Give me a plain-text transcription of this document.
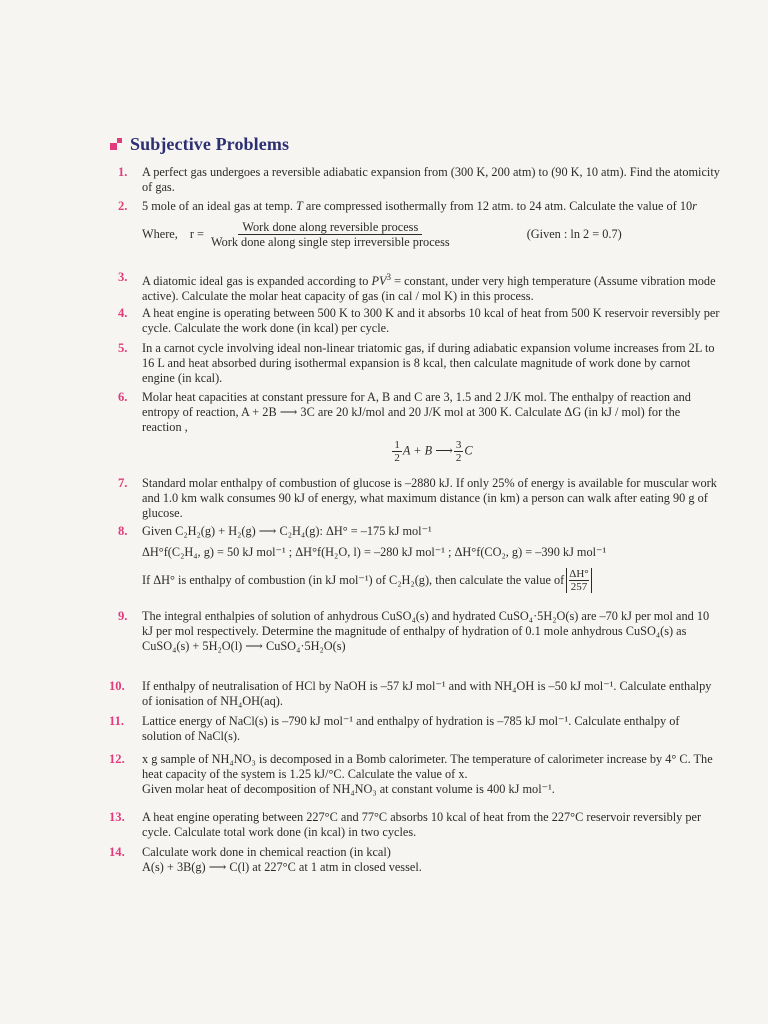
Subjective Problems
1. A perfect gas undergoes a reversible adiabatic expansion from (300 K, 200 atm) to (90 K, 10 atm). Find the atomicity of gas.
2. 5 mole of an ideal gas at temp. T are compressed isothermally from 12 atm. to 24 atm. Calculate the value of 10r
Where, $r = \frac{\text{Work done along reversible process}}{\text{Work done along single step irreversible process}}$	(Given : ln 2 = 0.7)
3. A diatomic ideal gas is expanded according to $PV^3$ = constant, under very high temperature (Assume vibration mode active). Calculate the molar heat capacity of gas (in cal / mol K) in this process.
4. A heat engine is operating between 500 K to 300 K and it absorbs 10 kcal of heat from 500 K reservoir reversibly per cycle. Calculate the work done (in kcal) per cycle.
5. In a carnot cycle involving ideal non-linear triatomic gas, if during adiabatic expansion volume increases from 2L to 16 L and heat absorbed during isothermal expansion is 8 kcal, then calculate magnitude of work done by carnot engine (in kcal).
6. Molar heat capacities at constant pressure for A, B and C are 3, 1.5 and 2 J/K mol. The enthalpy of reaction and entropy of reaction, A + 2B ⟶ 3C are 20 kJ/mol and 20 J/K mol at 300 K. Calculate ΔG (in kJ / mol) for the reaction ,
$\frac{1}{2}$ A + B ⟶ $\frac{3}{2}$ C
7. Standard molar enthalpy of combustion of glucose is –2880 kJ. If only 25% of energy is available for muscular work and 1.0 km walk consumes 90 kJ of energy, what maximum distance (in km) a person can walk after eating 90 g of glucose.
8. Given C₂H₂(g) + H₂(g) ⟶ C₂H₄(g): ΔH° = –175 kJ mol⁻¹
ΔH°f(C₂H₄, g) = 50 kJ mol⁻¹ ; ΔH°f(H₂O, l) = –280 kJ mol⁻¹ ; ΔH°f(CO₂, g) = –390 kJ mol⁻¹
If ΔH° is enthalpy of combustion (in kJ mol⁻¹) of C₂H₂(g), then calculate the value of $\frac{\Delta H^\circ}{257}$
9. The integral enthalpies of solution of anhydrous CuSO₄(s) and hydrated CuSO₄·5H₂O(s) are –70 kJ per mol and 10 kJ per mol respectively. Determine the magnitude of enthalpy of hydration of 0.1 mole anhydrous CuSO₄(s) as
CuSO₄(s) + 5H₂O(l) ⟶ CuSO₄·5H₂O(s)
10. If enthalpy of neutralisation of HCl by NaOH is –57 kJ mol⁻¹ and with NH₄OH is –50 kJ mol⁻¹. Calculate enthalpy of ionisation of NH₄OH(aq).
11. Lattice energy of NaCl(s) is –790 kJ mol⁻¹ and enthalpy of hydration is –785 kJ mol⁻¹. Calculate enthalpy of solution of NaCl(s).
12. x g sample of NH₄NO₃ is decomposed in a Bomb calorimeter. The temperature of calorimeter increase by 4° C. The heat capacity of the system is 1.25 kJ/°C. Calculate the value of x.
Given molar heat of decomposition of NH₄NO₃ at constant volume is 400 kJ mol⁻¹.
13. A heat engine operating between 227°C and 77°C absorbs 10 kcal of heat from the 227°C reservoir reversibly per cycle. Calculate total work done (in kcal) in two cycles.
14. Calculate work done in chemical reaction (in kcal)
A(s) + 3B(g) ⟶ C(l) at 227°C at 1 atm in closed vessel.
